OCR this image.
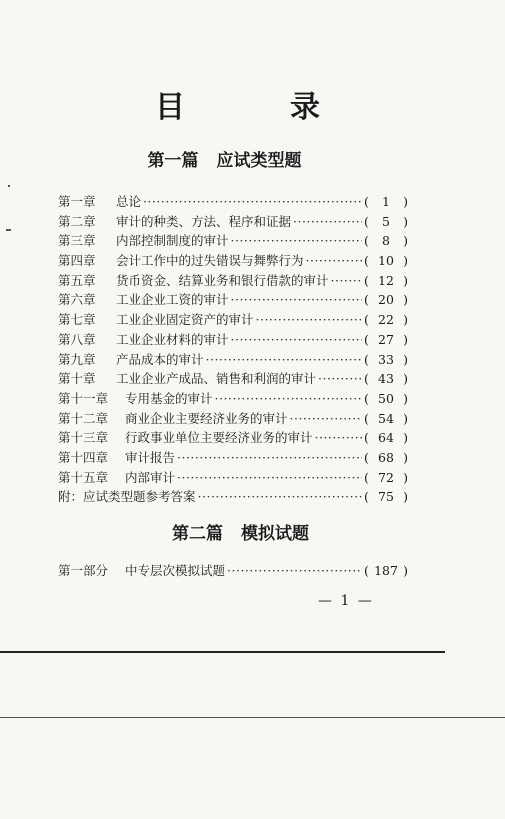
目	录
第一篇 应试类型题
第一章	总论 ·····	(	1	)
第二章	审计的种类、方法、程序和证据 ·····	(	5	)
第三章	内部控制制度的审计 ·····	(	8	)
第四章	会计工作中的过失错误与舞弊行为 ·····	( 10 )
第五章	货币资金、结算业务和银行借款的审计 ·····	( 12 )
第六章	工业企业工资的审计 ·····	( 20 )
第七章	工业企业固定资产的审计 ·····	( 22 )
第八章	工业企业材料的审计 ·····	( 27 )
第九章	产品成本的审计 ·····	( 33 )
第十章	工业企业产成品、销售和利润的审计 ·····	( 43 )
第十一章	专用基金的审计 ·····	( 50 )
第十二章	商业企业主要经济业务的审计 ·····	( 54 )
第十三章	行政事业单位主要经济业务的审计 ·····	( 64 )
第十四章	审计报告 ·····	( 68 )
第十五章	内部审计 ·····	( 72 )
附： 应试类型题参考答案 ·····	( 75 )
第二篇 模拟试题
第一部分	中专层次模拟试题 ·····	( 187 )
— 1 —
